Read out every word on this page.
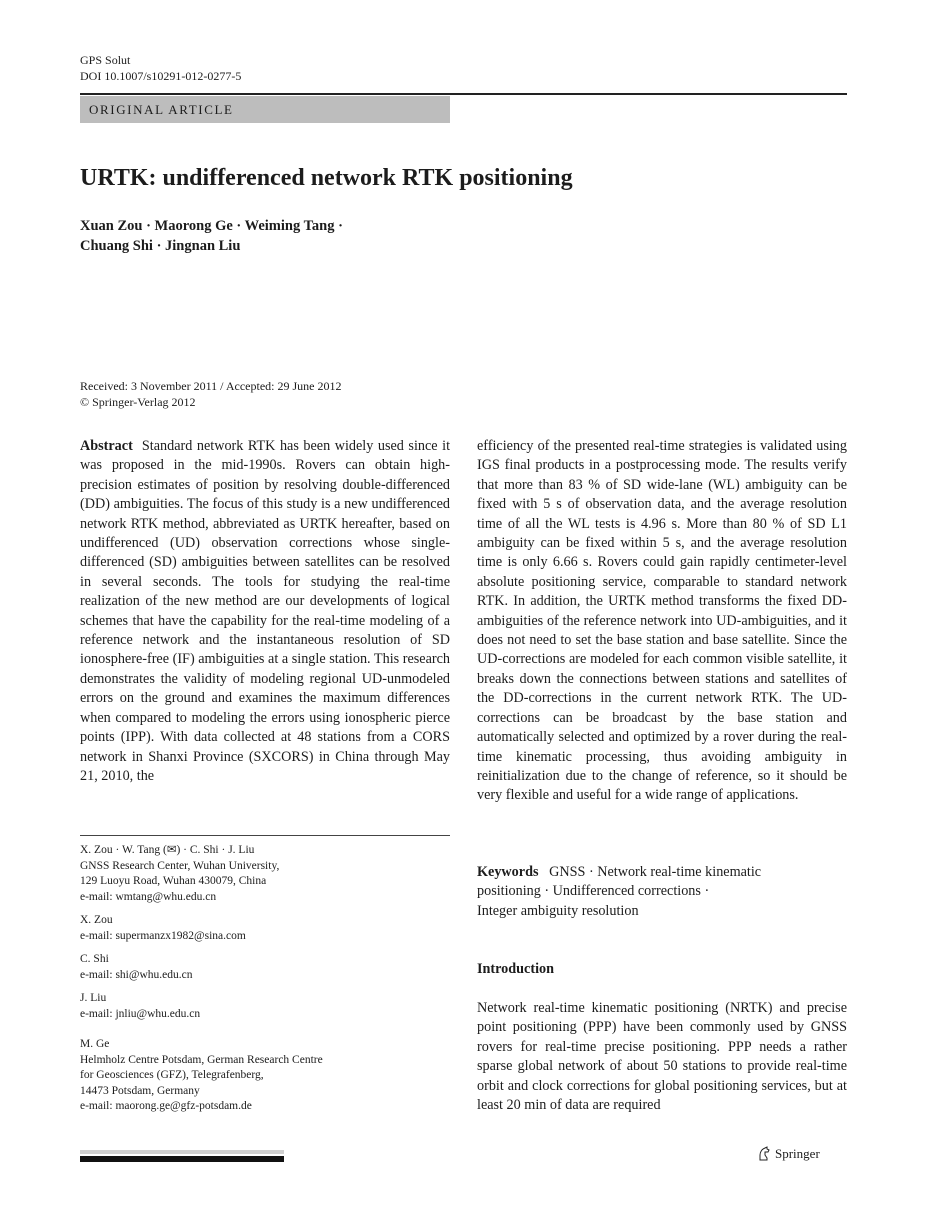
GPS Solut
DOI 10.1007/s10291-012-0277-5
ORIGINAL ARTICLE
URTK: undifferenced network RTK positioning
Xuan Zou · Maorong Ge · Weiming Tang ·
Chuang Shi · Jingnan Liu
Received: 3 November 2011 / Accepted: 29 June 2012
© Springer-Verlag 2012

Abstract Standard network RTK has been widely used since it was proposed in the mid-1990s. Rovers can obtain high-precision estimates of position by resolving double-differenced (DD) ambiguities. The focus of this study is a new undifferenced network RTK method, abbreviated as URTK hereafter, based on undifferenced (UD) observation corrections whose single-differenced (SD) ambiguities between satellites can be resolved in several seconds. The tools for studying the real-time realization of the new method are our developments of logical schemes that have the capability for the real-time modeling of a reference network and the instantaneous resolution of SD ionosphere-free (IF) ambiguities at a single station. This research demonstrates the validity of modeling regional UD-unmodeled errors on the ground and examines the maximum differences when compared to modeling the errors using ionospheric pierce points (IPP). With data collected at 48 stations from a CORS network in Shanxi Province (SXCORS) in China through May 21, 2010, the

efficiency of the presented real-time strategies is validated using IGS final products in a postprocessing mode. The results verify that more than 83 % of SD wide-lane (WL) ambiguity can be fixed with 5 s of observation data, and the average resolution time of all the WL tests is 4.96 s. More than 80 % of SD L1 ambiguity can be fixed within 5 s, and the average resolution time is only 6.66 s. Rovers could gain rapidly centimeter-level absolute positioning service, comparable to standard network RTK. In addition, the URTK method transforms the fixed DD-ambiguities of the reference network into UD-ambiguities, and it does not need to set the base station and base satellite. Since the UD-corrections are modeled for each common visible satellite, it breaks down the connections between stations and satellites of the DD-corrections in the current network RTK. The UD-corrections can be broadcast by the base station and automatically selected and optimized by a rover during the real-time kinematic processing, thus avoiding ambiguity in reinitialization due to the change of reference, so it should be very flexible and useful for a wide range of applications.

X. Zou · W. Tang (✉) · C. Shi · J. Liu
GNSS Research Center, Wuhan University,
129 Luoyu Road, Wuhan 430079, China
e-mail: wmtang@whu.edu.cn
X. Zou
e-mail: supermanzx1982@sina.com
C. Shi
e-mail: shi@whu.edu.cn
J. Liu
e-mail: jnliu@whu.edu.cn
M. Ge
Helmholz Centre Potsdam, German Research Centre
for Geosciences (GFZ), Telegrafenberg,
14473 Potsdam, Germany
e-mail: maorong.ge@gfz-potsdam.de
Keywords GNSS · Network real-time kinematic
positioning · Undifferenced corrections ·
Integer ambiguity resolution
Introduction
Network real-time kinematic positioning (NRTK) and precise point positioning (PPP) have been commonly used by GNSS rovers for real-time precise positioning. PPP needs a rather sparse global network of about 50 stations to provide real-time orbit and clock corrections for global positioning services, but at least 20 min of data are required
Springer
